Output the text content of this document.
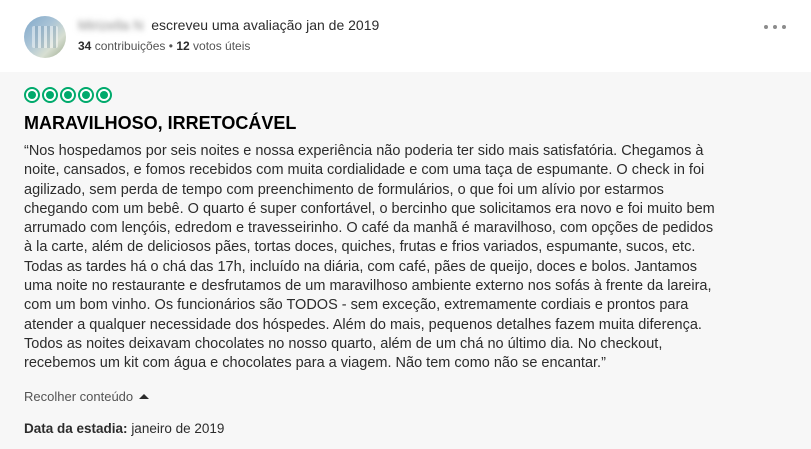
Mirizella N escreveu uma avaliação jan de 2019
34 contribuições • 12 votos úteis
MARAVILHOSO, IRRETOCÁVEL

“Nos hospedamos por seis noites e nossa experiência não poderia ter sido mais satisfatória. Chegamos à
noite, cansados, e fomos recebidos com muita cordialidade e com uma taça de espumante. O check in foi
agilizado, sem perda de tempo com preenchimento de formulários, o que foi um alívio por estarmos
chegando com um bebê. O quarto é super confortável, o bercinho que solicitamos era novo e foi muito bem
arrumado com lençóis, edredom e travesseirinho. O café da manhã é maravilhoso, com opções de pedidos
à la carte, além de deliciosos pães, tortas doces, quiches, frutas e frios variados, espumante, sucos, etc.
Todas as tardes há o chá das 17h, incluído na diária, com café, pães de queijo, doces e bolos. Jantamos
uma noite no restaurante e desfrutamos de um maravilhoso ambiente externo nos sofás à frente da lareira,
com um bom vinho. Os funcionários são TODOS - sem exceção, extremamente cordiais e prontos para
atender a qualquer necessidade dos hóspedes. Além do mais, pequenos detalhes fazem muita diferença.
Todos as noites deixavam chocolates no nosso quarto, além de um chá no último dia. No checkout,
recebemos um kit com água e chocolates para a viagem. Não tem como não se encantar.”

Recolher conteúdo
Data da estadia: janeiro de 2019
